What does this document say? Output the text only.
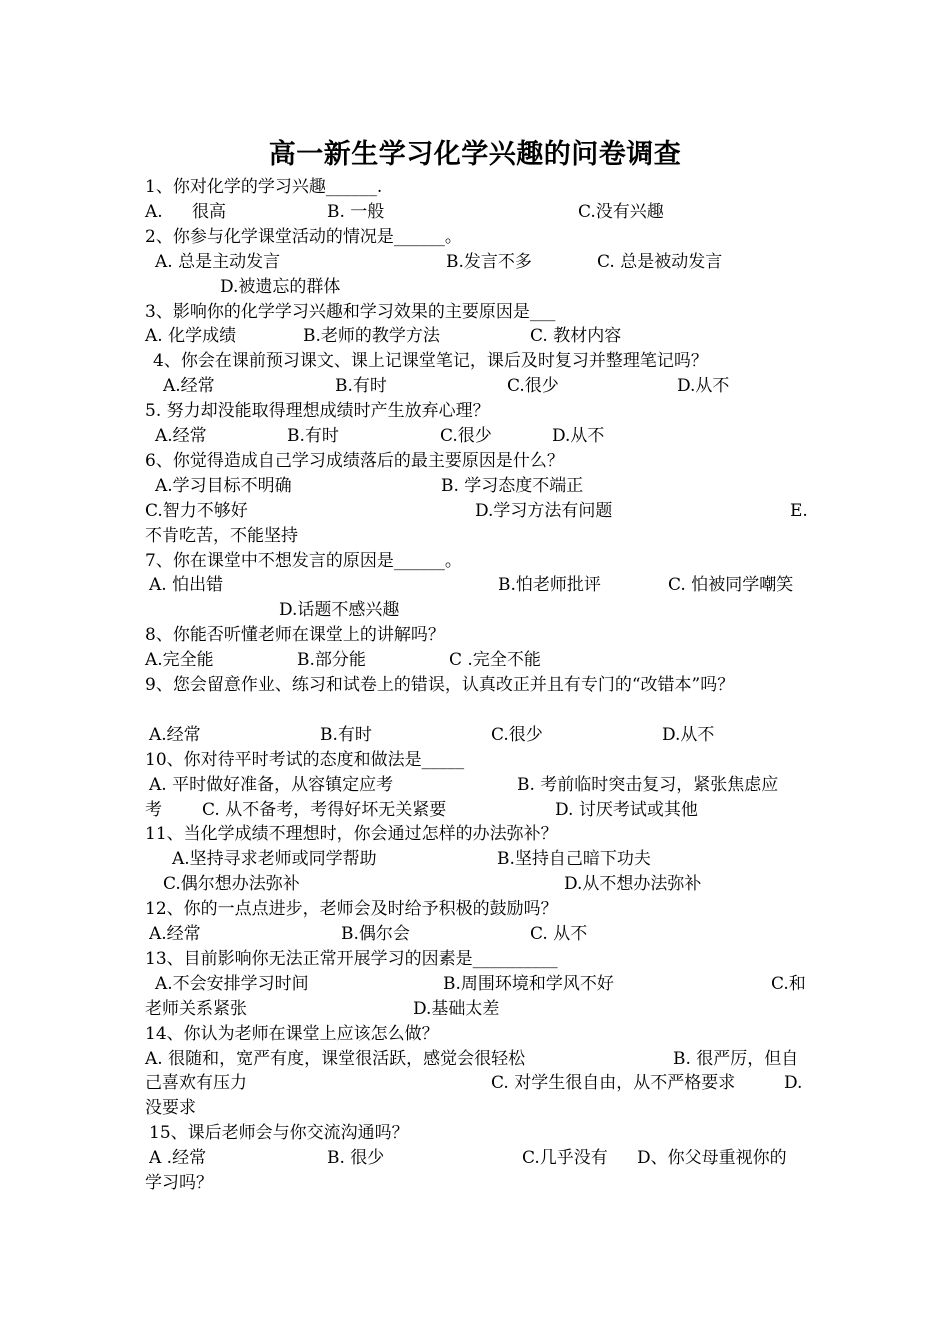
高一新生学习化学兴趣的问卷调查
1、你对化学的学习兴趣______.
A. 很高	B. 一般	C.没有兴趣
2、你参与化学课堂活动的情况是______。
A. 总是主动发言	B.发言不多	C. 总是被动发言
D.被遗忘的群体
3、影响你的化学学习兴趣和学习效果的主要原因是___
A. 化学成绩	B.老师的教学方法	C. 教材内容
4、你会在课前预习课文、课上记课堂笔记，课后及时复习并整理笔记吗？
A.经常	B.有时	C.很少	D.从不
5. 努力却没能取得理想成绩时产生放弃心理？
A.经常	B.有时	C.很少	D.从不
6、你觉得造成自己学习成绩落后的最主要原因是什么？
A.学习目标不明确	B. 学习态度不端正
C.智力不够好	D.学习方法有问题	E.
不肯吃苦，不能坚持
7、你在课堂中不想发言的原因是______。
A. 怕出错	B.怕老师批评	C. 怕被同学嘲笑
D.话题不感兴趣
8、你能否听懂老师在课堂上的讲解吗？
A.完全能	B.部分能	C .完全不能
9、您会留意作业、练习和试卷上的错误，认真改正并且有专门的“改错本”吗？
A.经常	B.有时	C.很少	D.从不
10、你对待平时考试的态度和做法是_____
A. 平时做好准备，从容镇定应考	B. 考前临时突击复习，紧张焦虑应
考 C. 从不备考，考得好坏无关紧要	D. 讨厌考试或其他
11、当化学成绩不理想时，你会通过怎样的办法弥补？
A.坚持寻求老师或同学帮助	B.坚持自己暗下功夫
C.偶尔想办法弥补	D.从不想办法弥补
12、你的一点点进步，老师会及时给予积极的鼓励吗？
A.经常	B.偶尔会	C. 从不
13、目前影响你无法正常开展学习的因素是__________
A.不会安排学习时间	B.周围环境和学风不好	C.和
老师关系紧张	D.基础太差
14、你认为老师在课堂上应该怎么做？
A. 很随和，宽严有度，课堂很活跃，感觉会很轻松	B. 很严厉，但自
己喜欢有压力	C. 对学生很自由，从不严格要求	D.
没要求
15、课后老师会与你交流沟通吗？
A .经常	B. 很少	C.几乎没有 D、你父母重视你的
学习吗？
